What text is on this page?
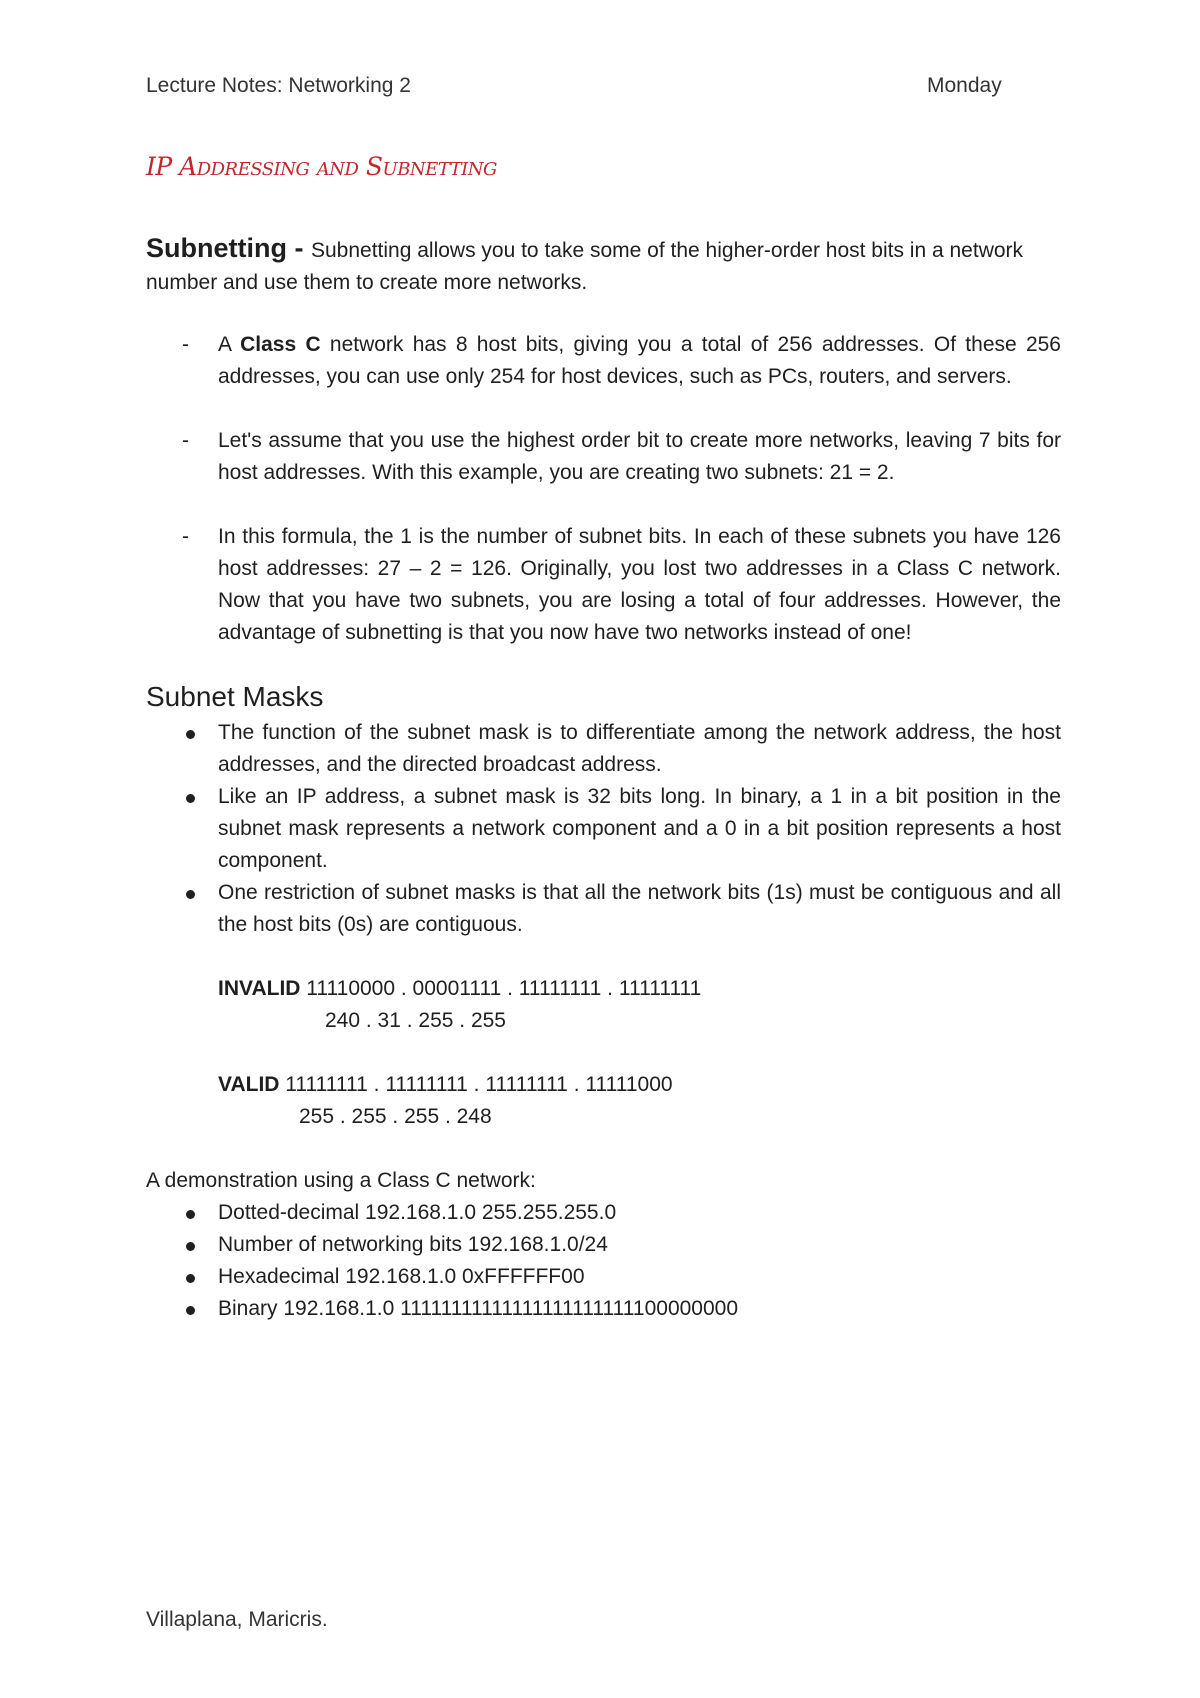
Lecture Notes: Networking 2	Monday
IP Addressing and Subnetting

Subnetting - Subnetting allows you to take some of the higher-order host bits in a network number and use them to create more networks.

- A Class C network has 8 host bits, giving you a total of 256 addresses. Of these 256 addresses, you can use only 254 for host devices, such as PCs, routers, and servers.
- Let's assume that you use the highest order bit to create more networks, leaving 7 bits for host addresses. With this example, you are creating two subnets: 21 = 2.
- In this formula, the 1 is the number of subnet bits. In each of these subnets you have 126 host addresses: 27 – 2 = 126. Originally, you lost two addresses in a Class C network. Now that you have two subnets, you are losing a total of four addresses. However, the advantage of subnetting is that you now have two networks instead of one!
Subnet Masks
The function of the subnet mask is to differentiate among the network address, the host addresses, and the directed broadcast address.
Like an IP address, a subnet mask is 32 bits long. In binary, a 1 in a bit position in the subnet mask represents a network component and a 0 in a bit position represents a host component.
One restriction of subnet masks is that all the network bits (1s) must be contiguous and all the host bits (0s) are contiguous.
INVALID 11110000 . 00001111 . 11111111 . 11111111
240 . 31 . 255 . 255
VALID 11111111 . 11111111 . 11111111 . 11111000
255 . 255 . 255 . 248
A demonstration using a Class C network:
Dotted-decimal 192.168.1.0 255.255.255.0
Number of networking bits 192.168.1.0/24
Hexadecimal 192.168.1.0 0xFFFFFF00
Binary 192.168.1.0 11111111111111111111111100000000
Villaplana, Maricris.
